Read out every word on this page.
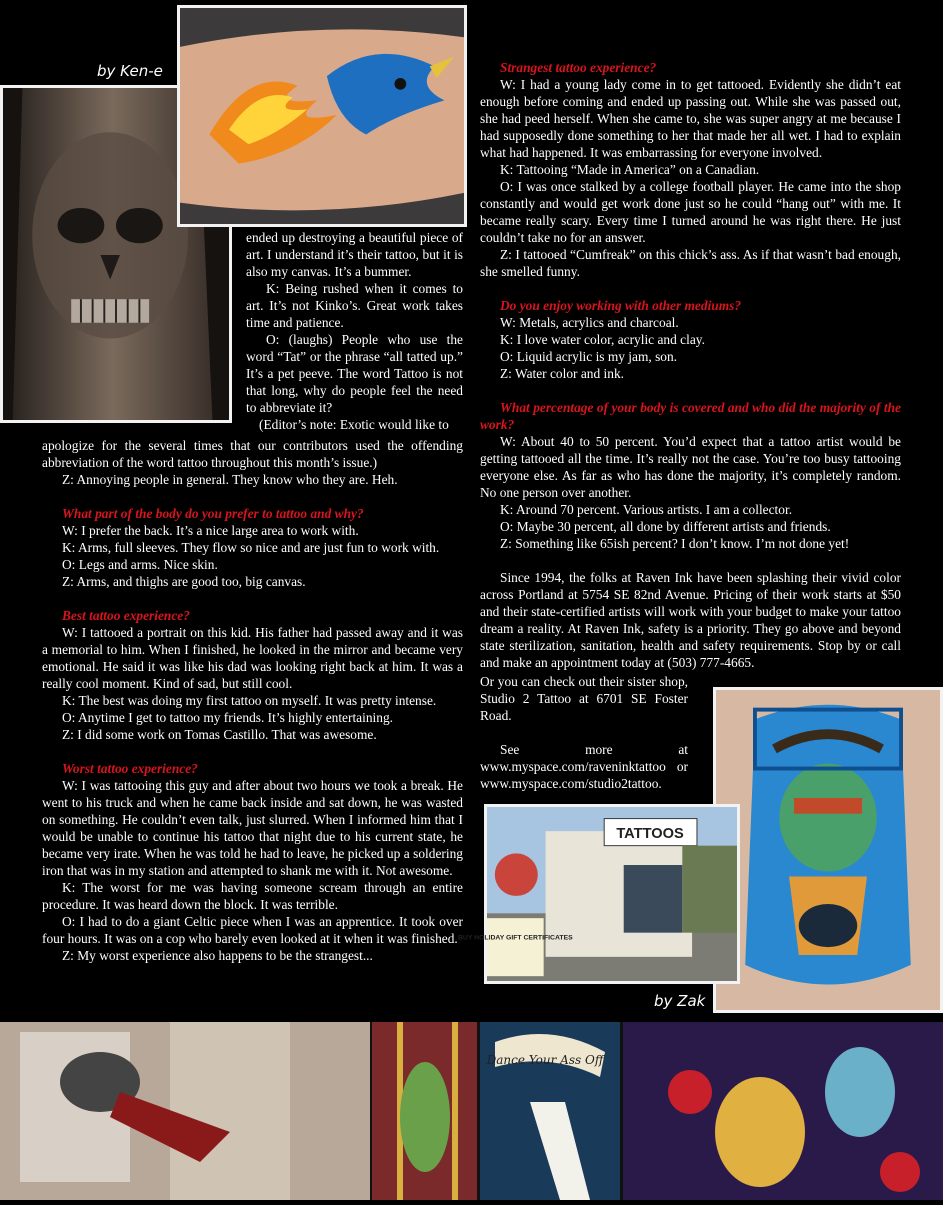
by Ken-e

ended up destroying a beautiful piece of art. I understand it’s their tattoo, but it is also my canvas. It’s a bummer.

K: Being rushed when it comes to art. It’s not Kinko’s. Great work takes time and patience.

O: (laughs) People who use the word “Tat” or the phrase “all tatted up.” It’s a pet peeve. The word Tattoo is not that long, why do people feel the need to abbreviate it?

(Editor’s note: Exotic would like to

apologize for the several times that our contributors used the offending abbreviation of the word tattoo throughout this month’s issue.)

Z: Annoying people in general. They know who they are. Heh.

What part of the body do you prefer to tattoo and why?

W: I prefer the back. It’s a nice large area to work with.

K: Arms, full sleeves. They flow so nice and are just fun to work with.

O: Legs and arms. Nice skin.

Z: Arms, and thighs are good too, big canvas.

Best tattoo experience?

W: I tattooed a portrait on this kid. His father had passed away and it was a memorial to him. When I finished, he looked in the mirror and became very emotional. He said it was like his dad was looking right back at him. It was a really cool moment. Kind of sad, but still cool.

K: The best was doing my first tattoo on myself. It was pretty intense.

O: Anytime I get to tattoo my friends. It’s highly entertaining.

Z: I did some work on Tomas Castillo. That was awesome.

Worst tattoo experience?

W: I was tattooing this guy and after about two hours we took a break. He went to his truck and when he came back inside and sat down, he was wasted on something. He couldn’t even talk, just slurred. When I informed him that I would be unable to continue his tattoo that night due to his current state, he became very irate. When he was told he had to leave, he picked up a soldering iron that was in my station and attempted to shank me with it. Not awesome.

K: The worst for me was having someone scream through an entire procedure. It was heard down the block. It was terrible.

O: I had to do a giant Celtic piece when I was an apprentice. It took over four hours. It was on a cop who barely even looked at it when it was finished.

Z: My worst experience also happens to be the strangest...

Strangest tattoo experience?

W: I had a young lady come in to get tattooed. Evidently she didn’t eat enough before coming and ended up passing out. While she was passed out, she had peed herself. When she came to, she was super angry at me because I had supposedly done something to her that made her all wet. I had to explain what had happened. It was embarrassing for everyone involved.

K: Tattooing “Made in America” on a Canadian.

O: I was once stalked by a college football player. He came into the shop constantly and would get work done just so he could “hang out” with me. It became really scary. Every time I turned around he was right there. He just couldn’t take no for an answer.

Z: I tattooed “Cumfreak” on this chick’s ass. As if that wasn’t bad enough, she smelled funny.

Do you enjoy working with other mediums?

W: Metals, acrylics and charcoal.

K: I love water color, acrylic and clay.

O: Liquid acrylic is my jam, son.

Z: Water color and ink.

What percentage of your body is covered and who did the majority of the work?

W: About 40 to 50 percent. You’d expect that a tattoo artist would be getting tattooed all the time. It’s really not the case. You’re too busy tattooing everyone else. As far as who has done the majority, it’s completely random. No one person over another.

K: Around 70 percent. Various artists. I am a collector.

O: Maybe 30 percent, all done by different artists and friends.

Z: Something like 65ish percent? I don’t know. I’m not done yet!

Since 1994, the folks at Raven Ink have been splashing their vivid color across Portland at 5754 SE 82nd Avenue. Pricing of their work starts at $50 and their state-certified artists will work with your budget to make your tattoo dream a reality. At Raven Ink, safety is a priority. They go above and beyond state sterilization, sanitation, health and safety requirements. Stop by or call and make an appointment today at (503) 777-4665.

Or you can check out their sister shop, Studio 2 Tattoo at 6701 SE Foster Road.

See more at www.myspace.com/raveninktattoo or www.myspace.com/studio2tattoo.

TATTOOS
BUY HOLIDAY GIFT CERTIFICATES
by Zak
Dance Your Ass Off
